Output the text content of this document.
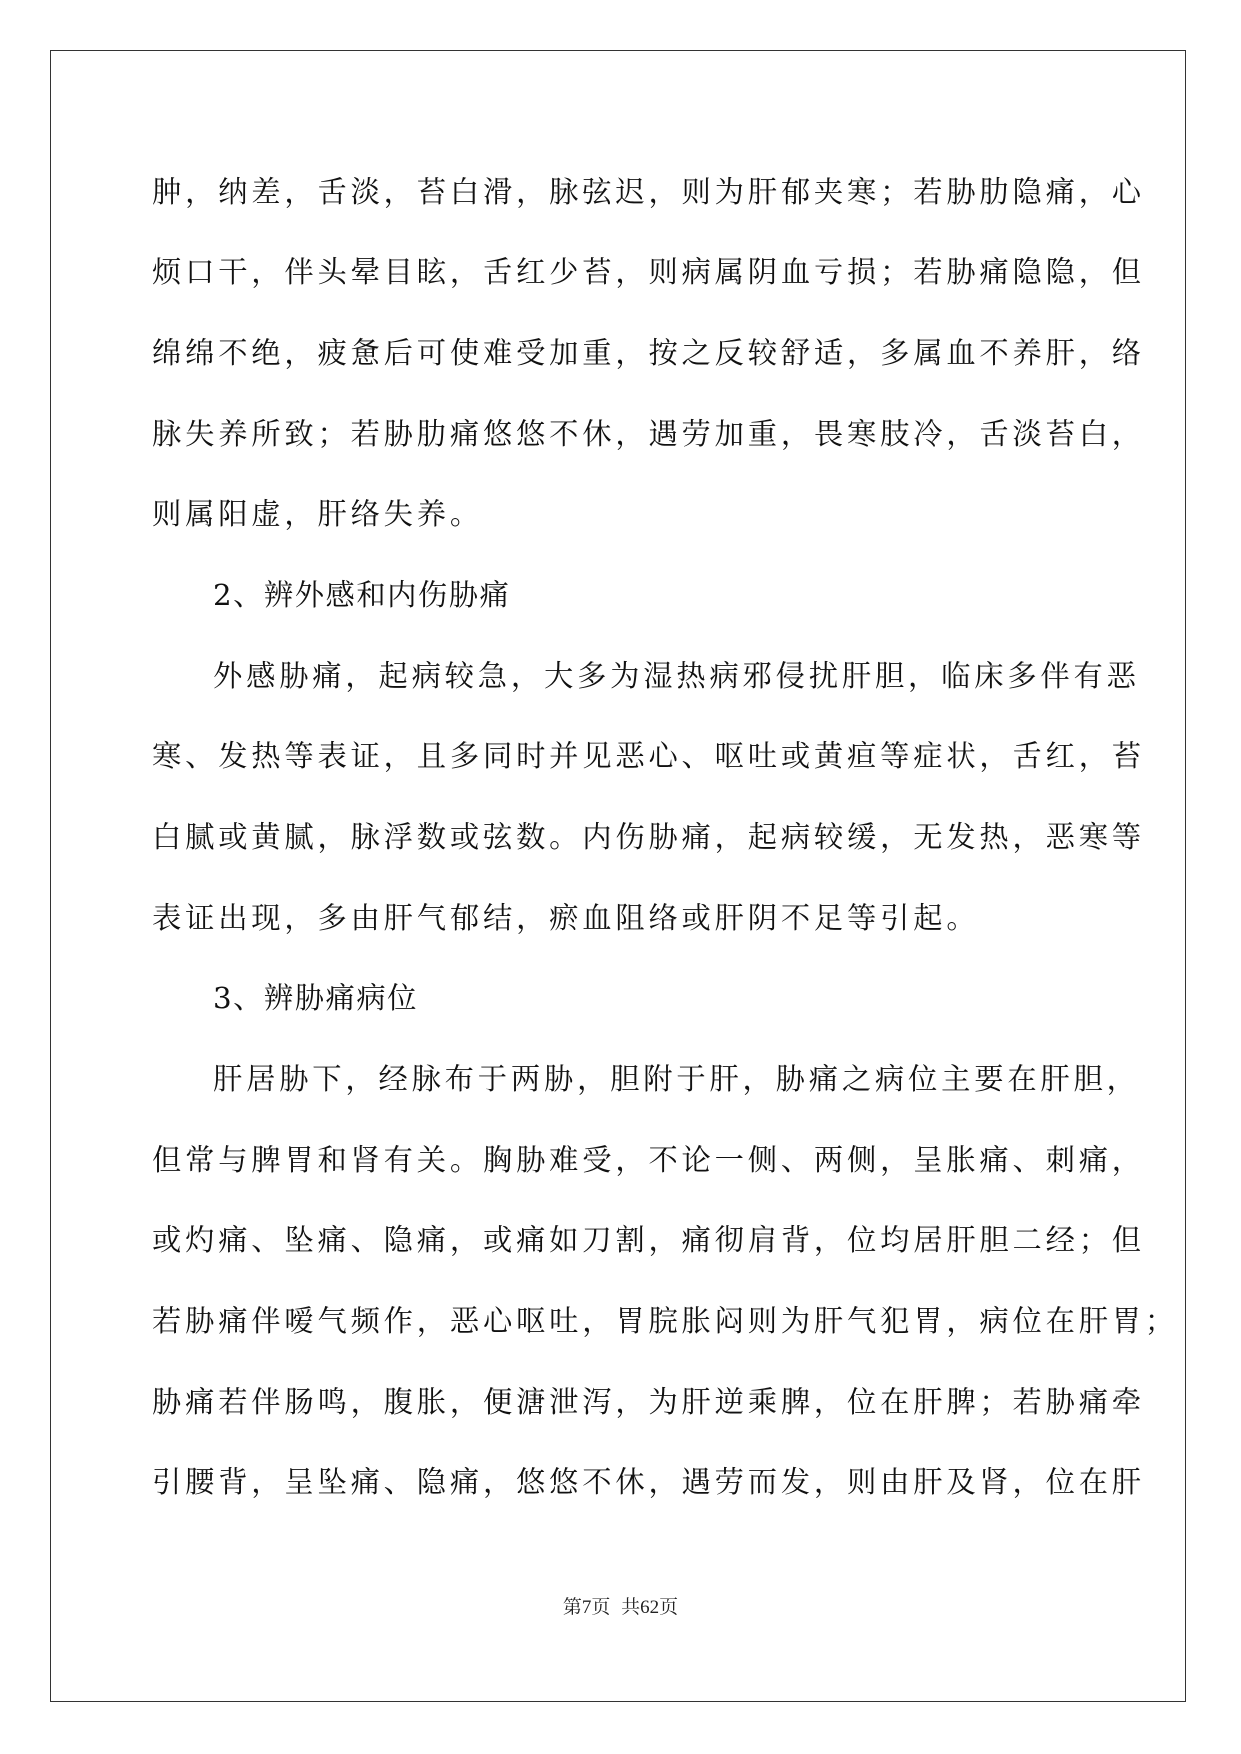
肿，纳差，舌淡，苔白滑，脉弦迟，则为肝郁夹寒；若胁肋隐痛，心

烦口干，伴头晕目眩，舌红少苔，则病属阴血亏损；若胁痛隐隐，但

绵绵不绝，疲惫后可使难受加重，按之反较舒适，多属血不养肝，络

脉失养所致；若胁肋痛悠悠不休，遇劳加重，畏寒肢冷，舌淡苔白，

则属阳虚，肝络失养。

2、辨外感和内伤胁痛

外感胁痛，起病较急，大多为湿热病邪侵扰肝胆，临床多伴有恶

寒、发热等表证，且多同时并见恶心、呕吐或黄疸等症状，舌红，苔

白腻或黄腻，脉浮数或弦数。内伤胁痛，起病较缓，无发热，恶寒等

表证出现，多由肝气郁结，瘀血阻络或肝阴不足等引起。

3、辨胁痛病位

肝居胁下，经脉布于两胁，胆附于肝，胁痛之病位主要在肝胆，

但常与脾胃和肾有关。胸胁难受，不论一侧、两侧，呈胀痛、刺痛，

或灼痛、坠痛、隐痛，或痛如刀割，痛彻肩背，位均居肝胆二经；但

若胁痛伴嗳气频作，恶心呕吐，胃脘胀闷则为肝气犯胃，病位在肝胃；

胁痛若伴肠鸣，腹胀，便溏泄泻，为肝逆乘脾，位在肝脾；若胁痛牵

引腰背，呈坠痛、隐痛，悠悠不休，遇劳而发，则由肝及肾，位在肝

第7页 共62页
